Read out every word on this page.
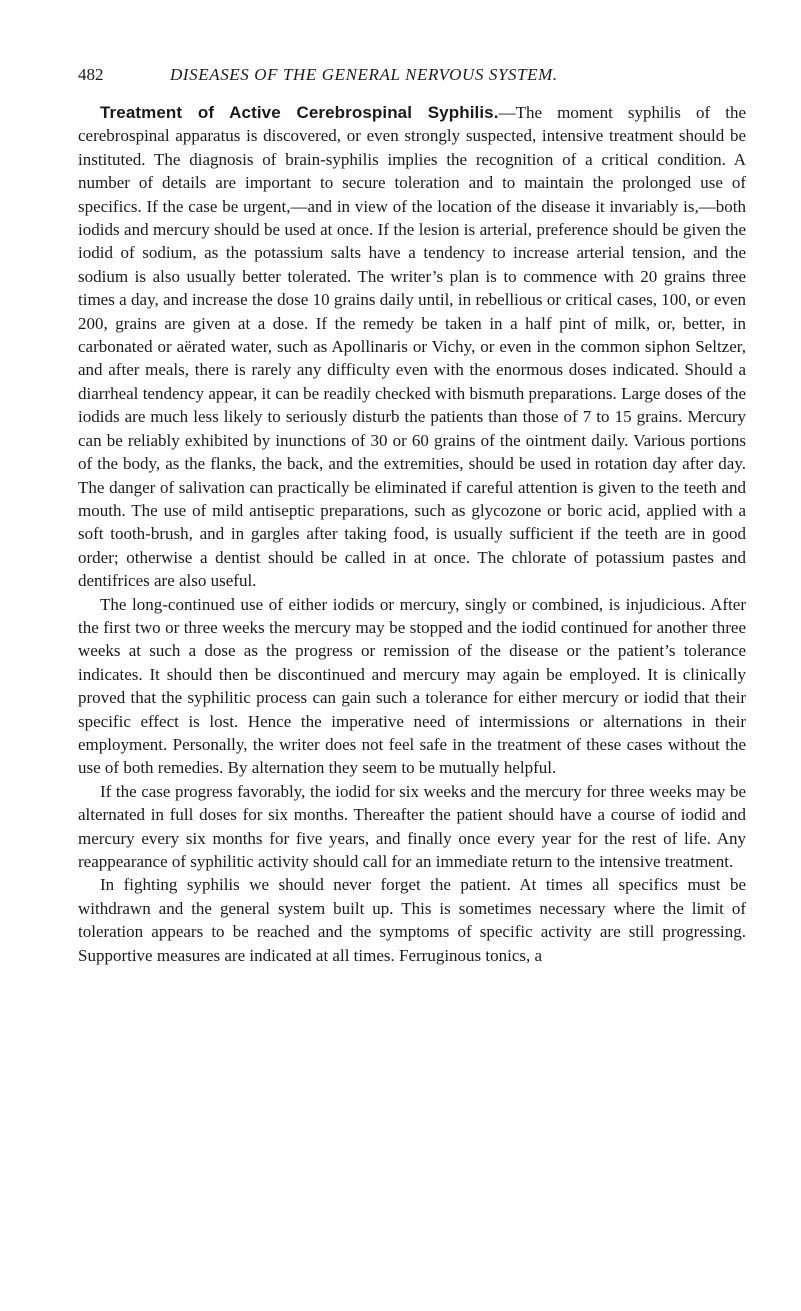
482	DISEASES OF THE GENERAL NERVOUS SYSTEM.

Treatment of Active Cerebrospinal Syphilis.—The moment syphilis of the cerebrospinal apparatus is discovered, or even strongly suspected, intensive treatment should be instituted. The diagnosis of brain-syphilis implies the recognition of a critical condition. A number of details are important to secure toleration and to maintain the prolonged use of specifics. If the case be urgent,—and in view of the location of the disease it invariably is,—both iodids and mercury should be used at once. If the lesion is arterial, preference should be given the iodid of sodium, as the potassium salts have a tendency to increase arterial tension, and the sodium is also usually better tolerated. The writer’s plan is to commence with 20 grains three times a day, and increase the dose 10 grains daily until, in rebellious or critical cases, 100, or even 200, grains are given at a dose. If the remedy be taken in a half pint of milk, or, better, in carbonated or aërated water, such as Apollinaris or Vichy, or even in the common siphon Seltzer, and after meals, there is rarely any difficulty even with the enormous doses indicated. Should a diarrheal tendency appear, it can be readily checked with bismuth preparations. Large doses of the iodids are much less likely to seriously disturb the patients than those of 7 to 15 grains. Mercury can be reliably exhibited by inunctions of 30 or 60 grains of the ointment daily. Various portions of the body, as the flanks, the back, and the extremities, should be used in rotation day after day. The danger of salivation can practically be eliminated if careful attention is given to the teeth and mouth. The use of mild antiseptic preparations, such as glycozone or boric acid, applied with a soft tooth-brush, and in gargles after taking food, is usually sufficient if the teeth are in good order; otherwise a dentist should be called in at once. The chlorate of potassium pastes and dentifrices are also useful.

The long-continued use of either iodids or mercury, singly or combined, is injudicious. After the first two or three weeks the mercury may be stopped and the iodid continued for another three weeks at such a dose as the progress or remission of the disease or the patient’s tolerance indicates. It should then be discontinued and mercury may again be employed. It is clinically proved that the syphilitic process can gain such a tolerance for either mercury or iodid that their specific effect is lost. Hence the imperative need of intermissions or alternations in their employment. Personally, the writer does not feel safe in the treatment of these cases without the use of both remedies. By alternation they seem to be mutually helpful.

If the case progress favorably, the iodid for six weeks and the mercury for three weeks may be alternated in full doses for six months. Thereafter the patient should have a course of iodid and mercury every six months for five years, and finally once every year for the rest of life. Any reappearance of syphilitic activity should call for an immediate return to the intensive treatment.

In fighting syphilis we should never forget the patient. At times all specifics must be withdrawn and the general system built up. This is sometimes necessary where the limit of toleration appears to be reached and the symptoms of specific activity are still progressing. Supportive measures are indicated at all times. Ferruginous tonics, a
